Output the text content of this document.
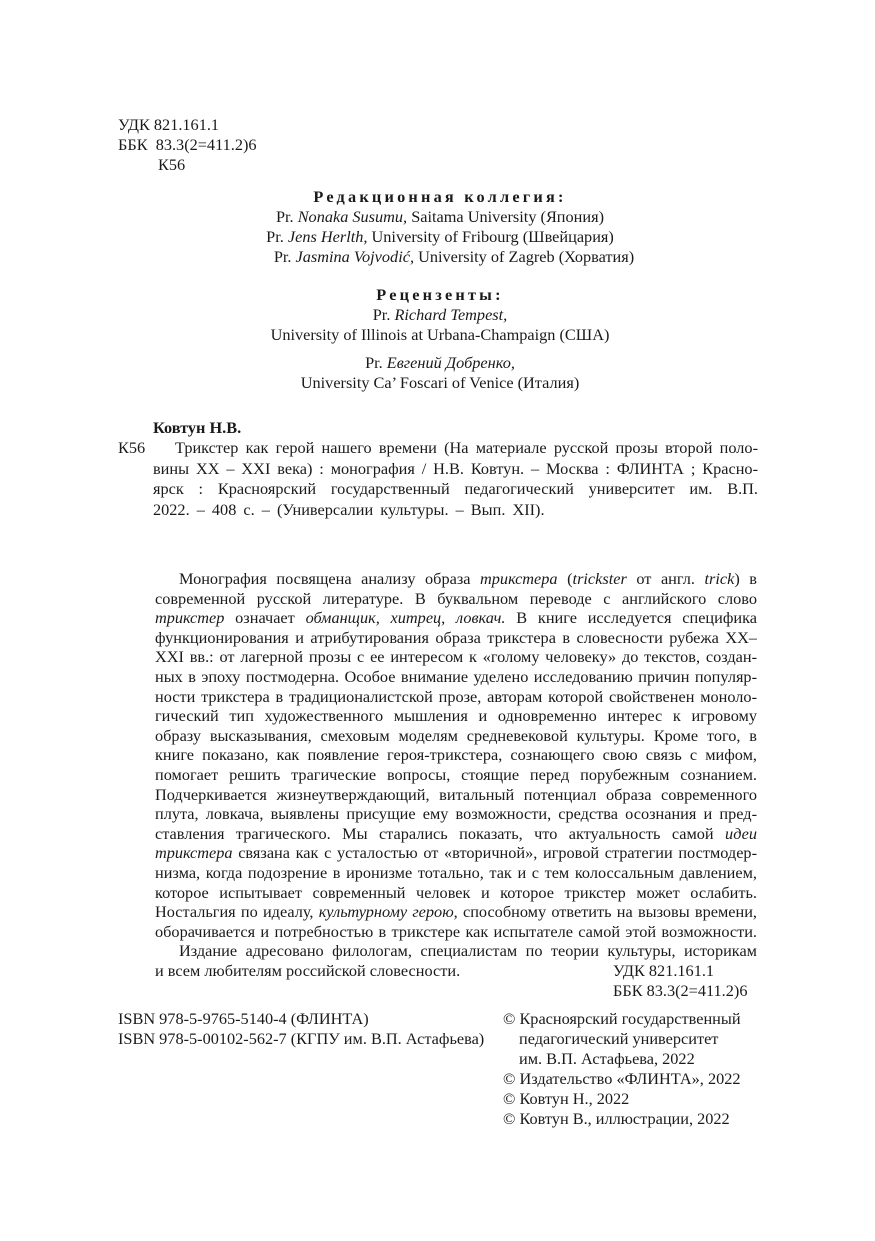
УДК 821.161.1
ББК  83.3(2=411.2)6
К56
Редакционная коллегия:
Pr. Nonaka Susumu, Saitama University (Япония)
Pr. Jens Herlth, University of Fribourg (Швейцария)
Pr. Jasmina Vojvodić, University of Zagreb (Хорватия)
Рецензенты:
Pr. Richard Tempest,
University of Illinois at Urbana-Champaign (США)
Pr. Евгений Добренко,
University Ca’ Foscari of Venice (Италия)
Ковтун Н.В.
К56 Трикстер как герой нашего времени (На материале русской прозы второй поло-
вины XX – XXI века) : монография / Н.В. Ковтун. – Москва : ФЛИНТА ; Красно-
ярск : Красноярский государственный педагогический университет им. В.П.
2022. – 408 с. – (Универсалии культуры. – Вып. XII).
Монография посвящена анализу образа трикстера (trickster от англ. trick) в
современной русской литературе. В буквальном переводе с английского слово
трикстер означает обманщик, хитрец, ловкач. В книге исследуется специфика
функционирования и атрибутирования образа трикстера в словесности рубежа XX–
XXI вв.: от лагерной прозы с ее интересом к «голому человеку» до текстов, создан-
ных в эпоху постмодерна. Особое внимание уделено исследованию причин популяр-
ности трикстера в традиционалистской прозе, авторам которой свойственен моноло-
гический тип художественного мышления и одновременно интерес к игровому
образу высказывания, смеховым моделям средневековой культуры. Кроме того, в
книге показано, как появление героя-трикстера, сознающего свою связь с мифом,
помогает решить трагические вопросы, стоящие перед порубежным сознанием.
Подчеркивается жизнеутверждающий, витальный потенциал образа современного
плута, ловкача, выявлены присущие ему возможности, средства осознания и пред-
ставления трагического. Мы старались показать, что актуальность самой идеи
трикстера связана как с усталостью от «вторичной», игровой стратегии постмодер-
низма, когда подозрение в иронизме тотально, так и с тем колоссальным давлением,
которое испытывает современный человек и которое трикстер может ослабить.
Ностальгия по идеалу, культурному герою, способному ответить на вызовы времени,
оборачивается и потребностью в трикстере как испытателе самой этой возможности.
Издание адресовано филологам, специалистам по теории культуры, историкам
и всем любителям российской словесности.	УДК 821.161.1
ББК 83.3(2=411.2)6
ISBN 978-5-9765-5140-4 (ФЛИНТА)
ISBN 978-5-00102-562-7 (КГПУ им. В.П. Астафьева)
© Красноярский государственный
педагогический университет
им. В.П. Астафьева, 2022
© Издательство «ФЛИНТА», 2022
© Ковтун Н., 2022
© Ковтун В., иллюстрации, 2022
